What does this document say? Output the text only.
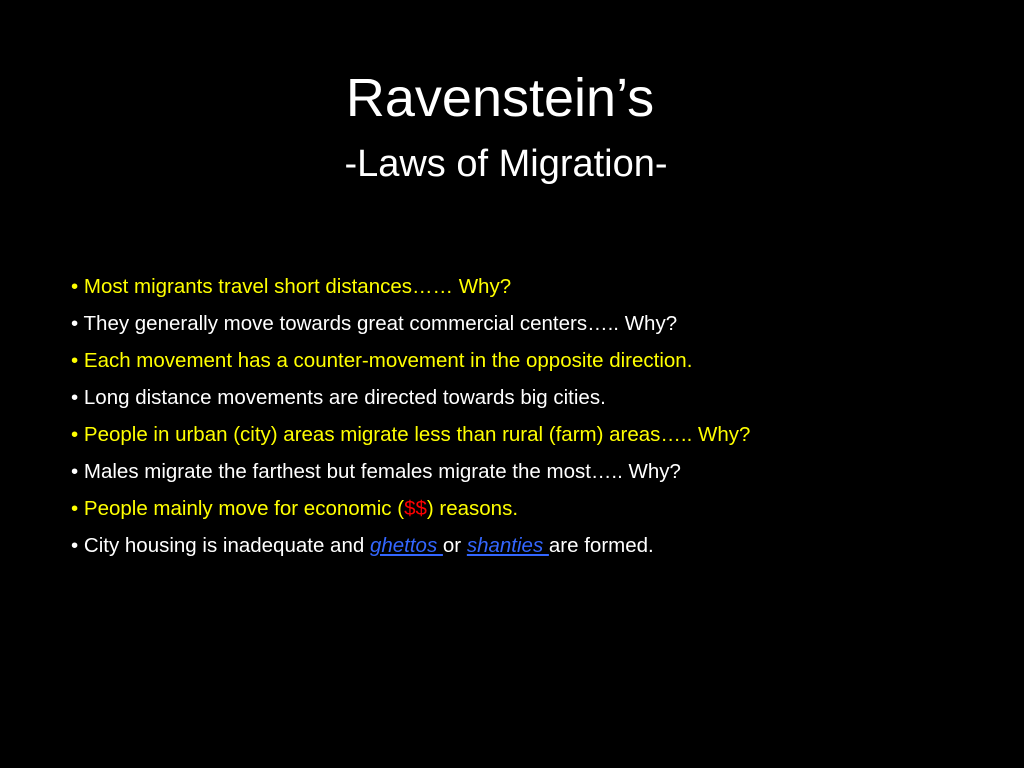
Ravenstein’s
-Laws of Migration-
• Most migrants travel short distances…… Why?
• They generally move towards great commercial centers….. Why?
• Each movement has a counter-movement in the opposite direction.
• Long distance movements are directed towards big cities.
• People in urban (city) areas migrate less than rural (farm) areas….. Why?
• Males migrate the farthest but females migrate the most….. Why?
• People mainly move for economic ($$) reasons.
• City housing is inadequate and ghettos or shanties are formed.
